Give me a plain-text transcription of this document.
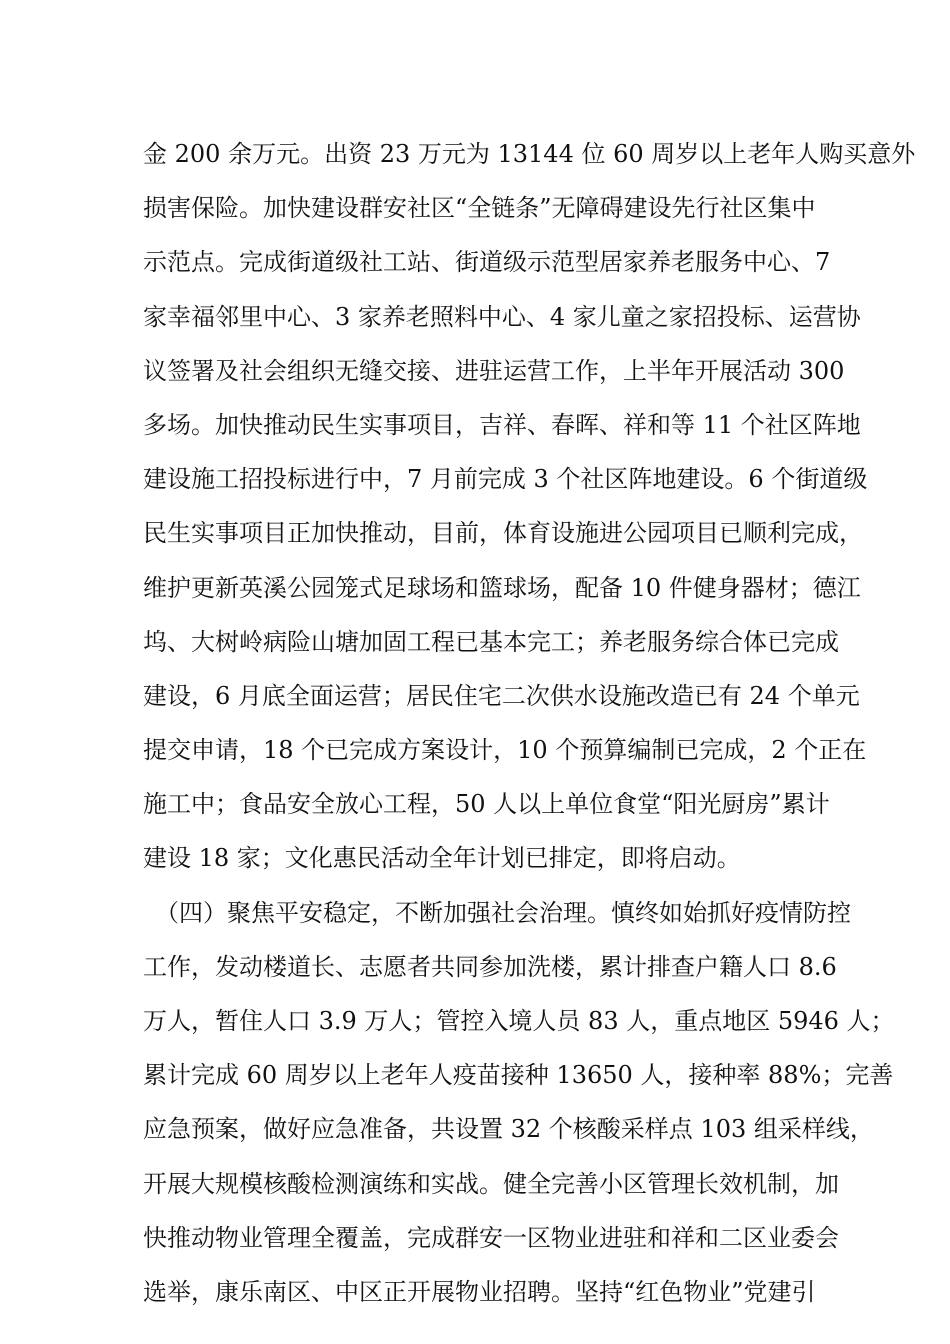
金 200 余万元。出资 23 万元为 13144 位 60 周岁以上老年人购买意外
损害保险。加快建设群安社区“全链条”无障碍建设先行社区集中
示范点。完成街道级社工站、街道级示范型居家养老服务中心、7
家幸福邻里中心、3 家养老照料中心、4 家儿童之家招投标、运营协
议签署及社会组织无缝交接、进驻运营工作，上半年开展活动 300
多场。加快推动民生实事项目，吉祥、春晖、祥和等 11 个社区阵地
建设施工招投标进行中，7 月前完成 3 个社区阵地建设。6 个街道级
民生实事项目正加快推动，目前，体育设施进公园项目已顺利完成，
维护更新英溪公园笼式足球场和篮球场，配备 10 件健身器材；德江
坞、大树岭病险山塘加固工程已基本完工；养老服务综合体已完成
建设，6 月底全面运营；居民住宅二次供水设施改造已有 24 个单元
提交申请，18 个已完成方案设计，10 个预算编制已完成，2 个正在
施工中；食品安全放心工程，50 人以上单位食堂“阳光厨房”累计
建设 18 家；文化惠民活动全年计划已排定，即将启动。
（四）聚焦平安稳定，不断加强社会治理。慎终如始抓好疫情防控
工作，发动楼道长、志愿者共同参加洗楼，累计排查户籍人口 8.6
万人，暂住人口 3.9 万人；管控入境人员 83 人，重点地区 5946 人；
累计完成 60 周岁以上老年人疫苗接种 13650 人，接种率 88%；完善
应急预案，做好应急准备，共设置 32 个核酸采样点 103 组采样线，
开展大规模核酸检测演练和实战。健全完善小区管理长效机制，加
快推动物业管理全覆盖，完成群安一区物业进驻和祥和二区业委会
选举，康乐南区、中区正开展物业招聘。坚持“红色物业”党建引
